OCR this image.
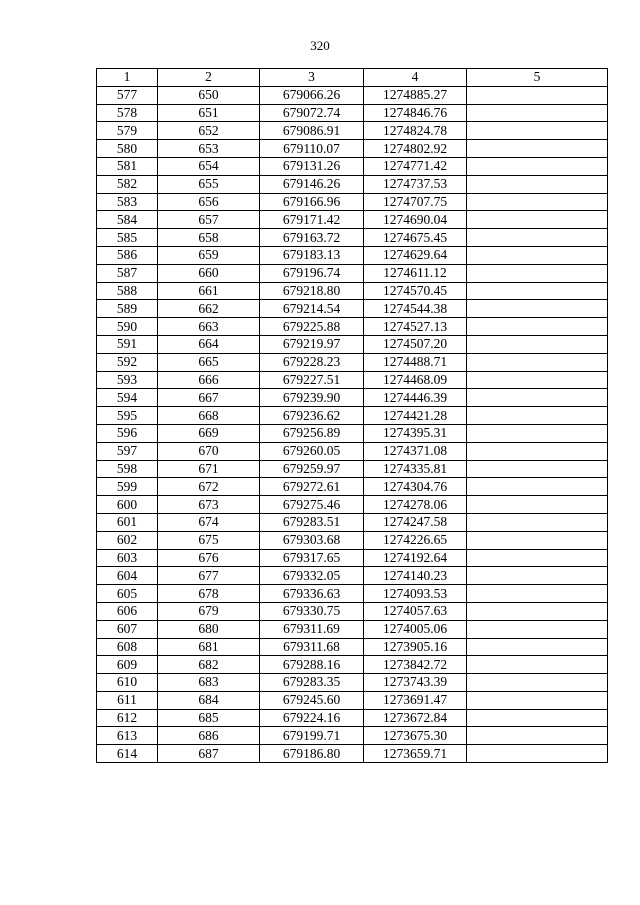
320
1	2	3	4	5
577	650	679066.26	1274885.27	
578	651	679072.74	1274846.76	
579	652	679086.91	1274824.78	
580	653	679110.07	1274802.92	
581	654	679131.26	1274771.42	
582	655	679146.26	1274737.53	
583	656	679166.96	1274707.75	
584	657	679171.42	1274690.04	
585	658	679163.72	1274675.45	
586	659	679183.13	1274629.64	
587	660	679196.74	1274611.12	
588	661	679218.80	1274570.45	
589	662	679214.54	1274544.38	
590	663	679225.88	1274527.13	
591	664	679219.97	1274507.20	
592	665	679228.23	1274488.71	
593	666	679227.51	1274468.09	
594	667	679239.90	1274446.39	
595	668	679236.62	1274421.28	
596	669	679256.89	1274395.31	
597	670	679260.05	1274371.08	
598	671	679259.97	1274335.81	
599	672	679272.61	1274304.76	
600	673	679275.46	1274278.06	
601	674	679283.51	1274247.58	
602	675	679303.68	1274226.65	
603	676	679317.65	1274192.64	
604	677	679332.05	1274140.23	
605	678	679336.63	1274093.53	
606	679	679330.75	1274057.63	
607	680	679311.69	1274005.06	
608	681	679311.68	1273905.16	
609	682	679288.16	1273842.72	
610	683	679283.35	1273743.39	
611	684	679245.60	1273691.47	
612	685	679224.16	1273672.84	
613	686	679199.71	1273675.30	
614	687	679186.80	1273659.71	
